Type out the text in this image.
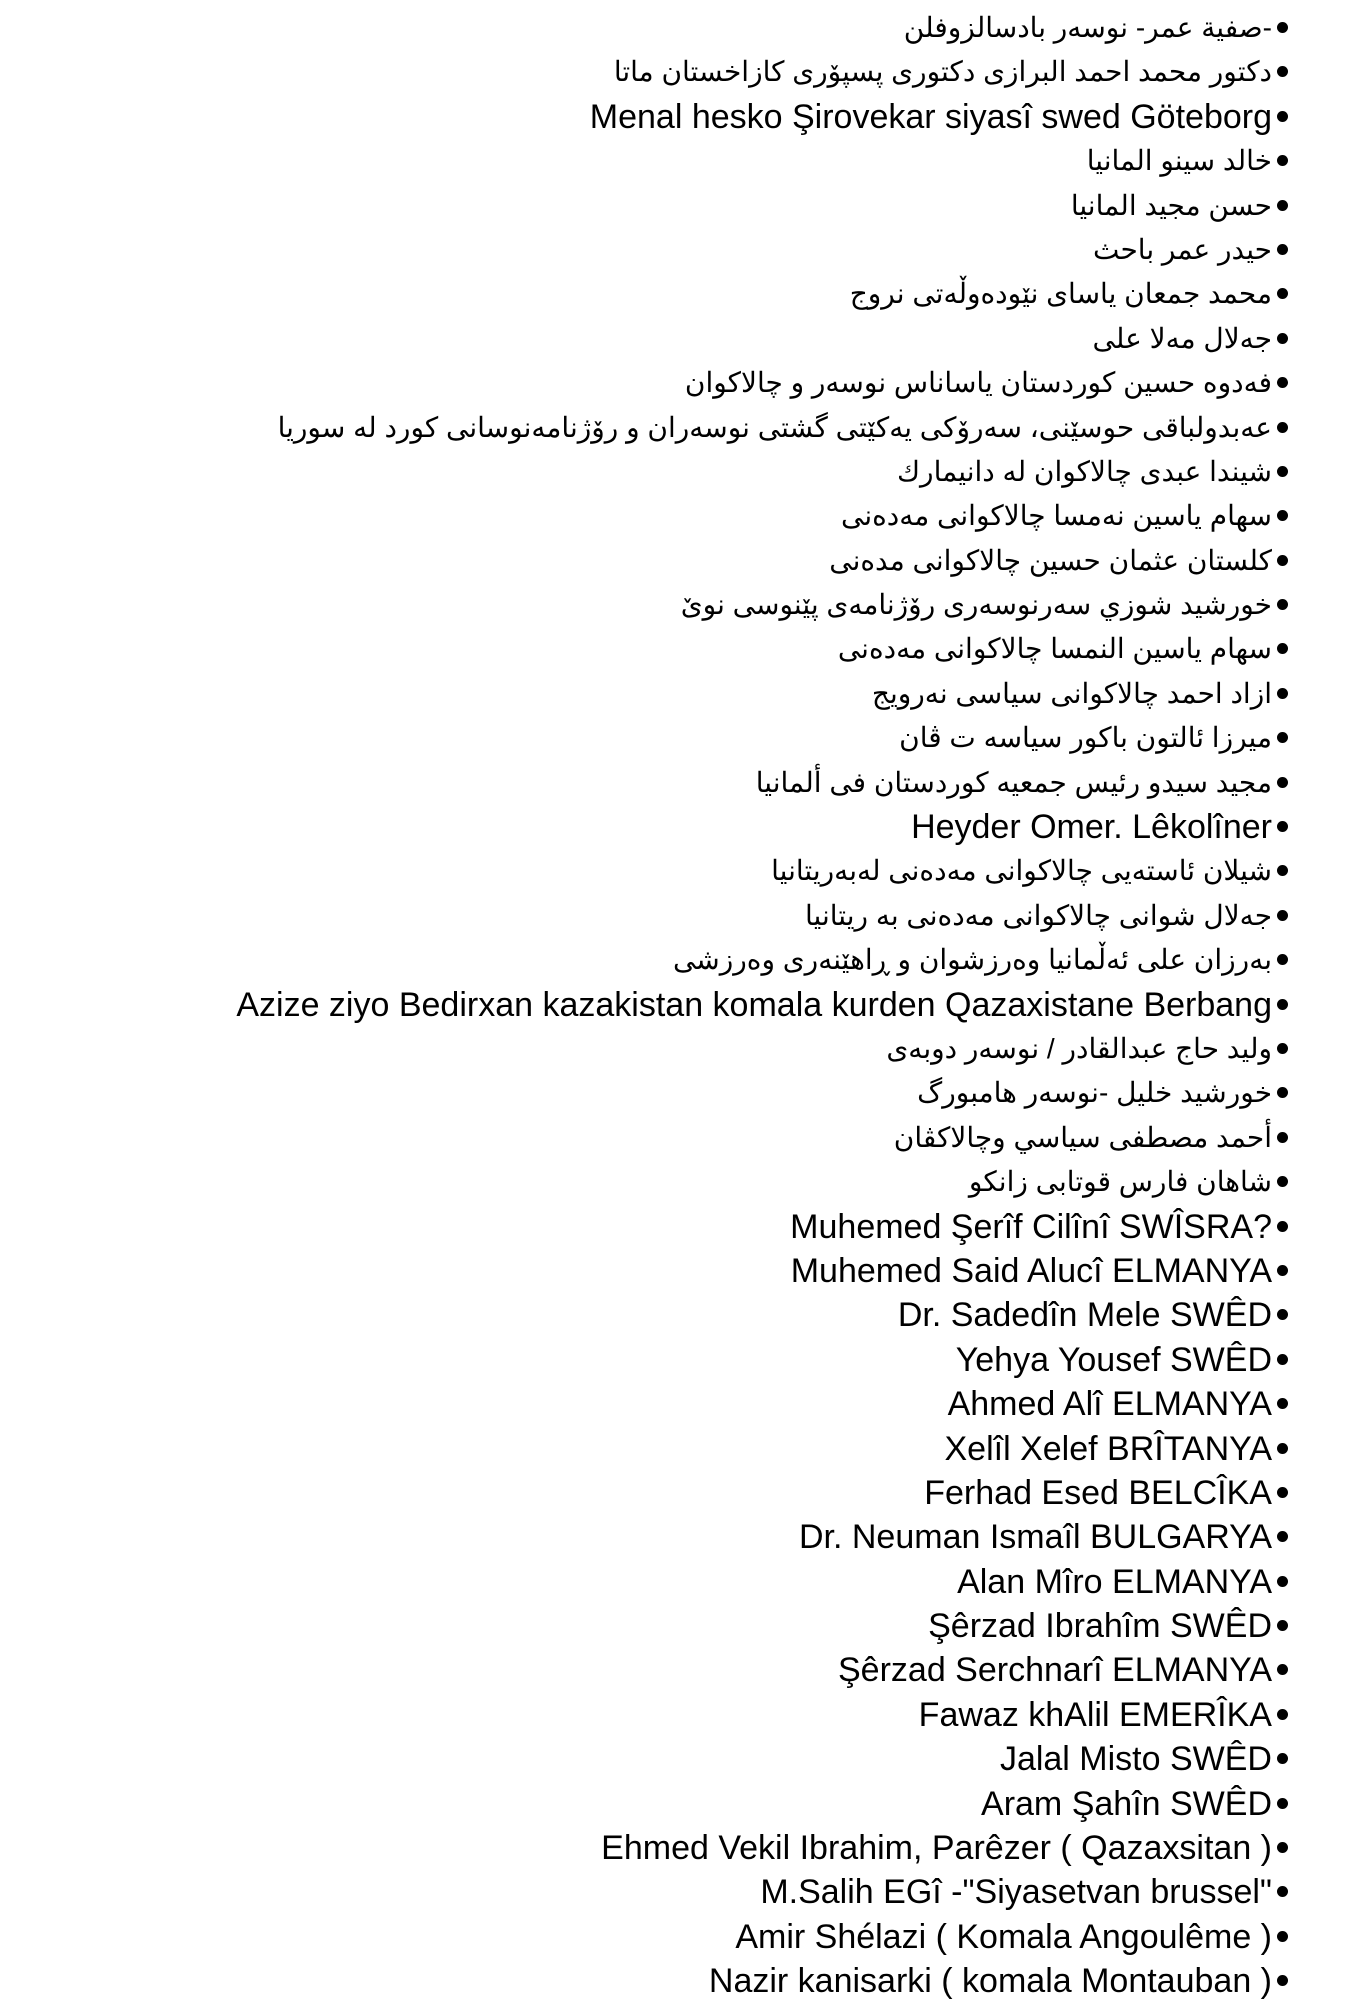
-صفية عمر- نوسەر بادسالزوفلن
دكتور محمد احمد البرازی دكتوری پسپۆری كازاخستان ماتا
Menal hesko Şirovekar siyasî swed Göteborg
خالد سينو المانيا
حسن مجيد المانيا
حيدر عمر باحث
محمد جمعان ياسای نێودەوڵەتی نروج
جەلال مەلا علی
فەدوە حسین كوردستان یاساناس نوسەر و چالاكوان
عەبدولباقی حوسێنی، سەرۆكی یەكێتی گشتی نوسەران و رۆژنامەنوسانی كورد لە سوریا
شيندا عبدى چالاكوان لە دانيمارك
سهام یاسین نەمسا چالاكوانی مەدەنی
كلستان عثمان حسين چالاكوانی مدەنی
خورشيد شوزي سەرنوسەری رۆژنامەی پێنوسی نوێ
سهام ياسين النمسا چالاكوانی مەدەنی
ازاد احمد چالاكوانی سیاسی نەرویج
ميرزا ئالتون باكور سياسه ت ڤان
مجيد سيدو رئيس جمعيه كوردستان فی ألمانيا
Heyder Omer. Lêkolîner
شیلان ئاستەیی چالاكوانی مەدەنی لەبەریتانیا
جەلال شوانی چالاكوانی مەدەنی بە ریتانیا
بەرزان علی ئەڵمانیا وەرزشوان و ڕاهێنەری وەرزشی
Azize ziyo Bedirxan kazakistan komala kurden Qazaxistane Berbang
وليد حاج عبدالقادر / نوسەر دوبەی
خورشيد خليل -نوسەر هامبورگ
أحمد مصطفى سياسي وچالاكڤان
شاهان فارس قوتابی زانكو
Muhemed Şerîf Cilînî SWÎSRA?
Muhemed Said Alucî ELMANYA
Dr. Sadedîn Mele SWÊD
Yehya Yousef SWÊD
Ahmed Alî ELMANYA
Xelîl Xelef BRÎTANYA
Ferhad Esed BELCÎKA
Dr. Neuman Ismaîl BULGARYA
Alan Mîro ELMANYA
Şêrzad Ibrahîm SWÊD
Şêrzad Serchnarî ELMANYA
Fawaz khAlil EMERÎKA
Jalal Misto SWÊD
Aram Şahîn SWÊD
Ehmed Vekil Ibrahim, Parêzer ( Qazaxsitan )
M.Salih EGî -"Siyasetvan brussel"
Amir Shélazi ( Komala Angoulême )
Nazir kanisarki ( komala Montauban )
